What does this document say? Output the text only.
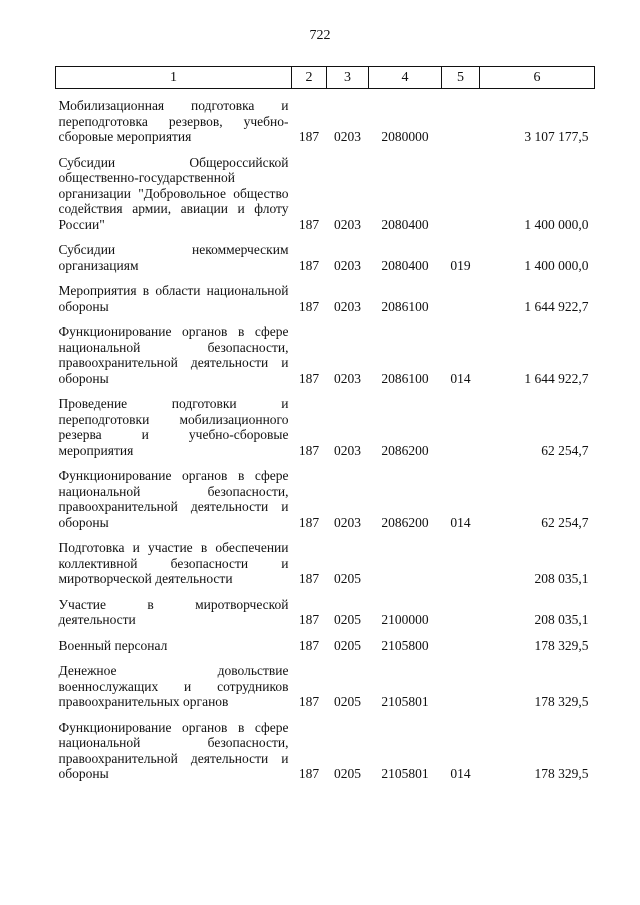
722
1	2	3	4	5	6
Мобилизационная подготовка и переподготовка резервов, учебно-сборовые мероприятия	187	0203	2080000		3 107 177,5
Субсидии Общероссийской общественно-государственной организации "Добровольное общество содействия армии, авиации и флоту России"	187	0203	2080400		1 400 000,0
Субсидии некоммерческим организациям	187	0203	2080400	019	1 400 000,0
Мероприятия в области национальной обороны	187	0203	2086100		1 644 922,7
Функционирование органов в сфере национальной безопасности, правоохранительной деятельности и обороны	187	0203	2086100	014	1 644 922,7
Проведение подготовки и переподготовки мобилизационного резерва и учебно-сборовые мероприятия	187	0203	2086200		62 254,7
Функционирование органов в сфере национальной безопасности, правоохранительной деятельности и обороны	187	0203	2086200	014	62 254,7
Подготовка и участие в обеспечении коллективной безопасности и миротворческой деятельности	187	0205			208 035,1
Участие в миротворческой деятельности	187	0205	2100000		208 035,1
Военный персонал	187	0205	2105800		178 329,5
Денежное довольствие военнослужащих и сотрудников правоохранительных органов	187	0205	2105801		178 329,5
Функционирование органов в сфере национальной безопасности, правоохранительной деятельности и обороны	187	0205	2105801	014	178 329,5
